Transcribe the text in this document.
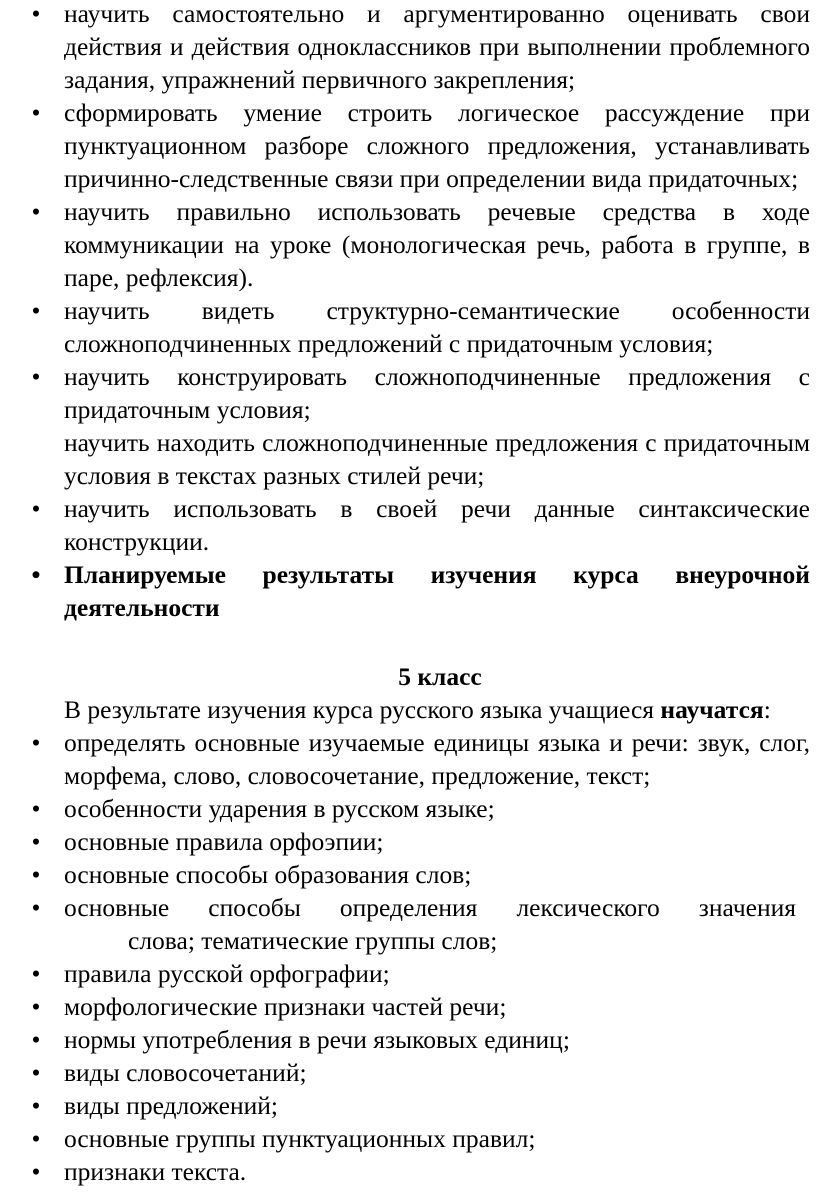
• научить самостоятельно и аргументированно оценивать свои действия и действия одноклассников при выполнении проблемного задания, упражнений первичного закрепления;
• сформировать умение строить логическое рассуждение при пунктуационном разборе сложного предложения, устанавливать причинно-следственные связи при определении вида придаточных;
• научить правильно использовать речевые средства в ходе коммуникации на уроке (монологическая речь, работа в группе, в паре, рефлексия).
• научить видеть структурно-семантические особенности сложноподчиненных предложений с придаточным условия;
• научить конструировать сложноподчиненные предложения с придаточным условия;
научить находить сложноподчиненные предложения с придаточным условия в текстах разных стилей речи;
• научить использовать в своей речи данные синтаксические конструкции.
• Планируемые результаты изучения курса внеурочной деятельности
5 класс
В результате изучения курса русского языка учащиеся научатся:
• определять основные изучаемые единицы языка и речи: звук, слог, морфема, слово, словосочетание, предложение, текст;
• особенности ударения в русском языке;
• основные правила орфоэпии;
• основные способы образования слов;
• основные способы определения лексического значения
слова; тематические группы слов;
• правила русской орфографии;
• морфологические признаки частей речи;
• нормы употребления в речи языковых единиц;
• виды словосочетаний;
• виды предложений;
• основные группы пунктуационных правил;
• признаки текста.
